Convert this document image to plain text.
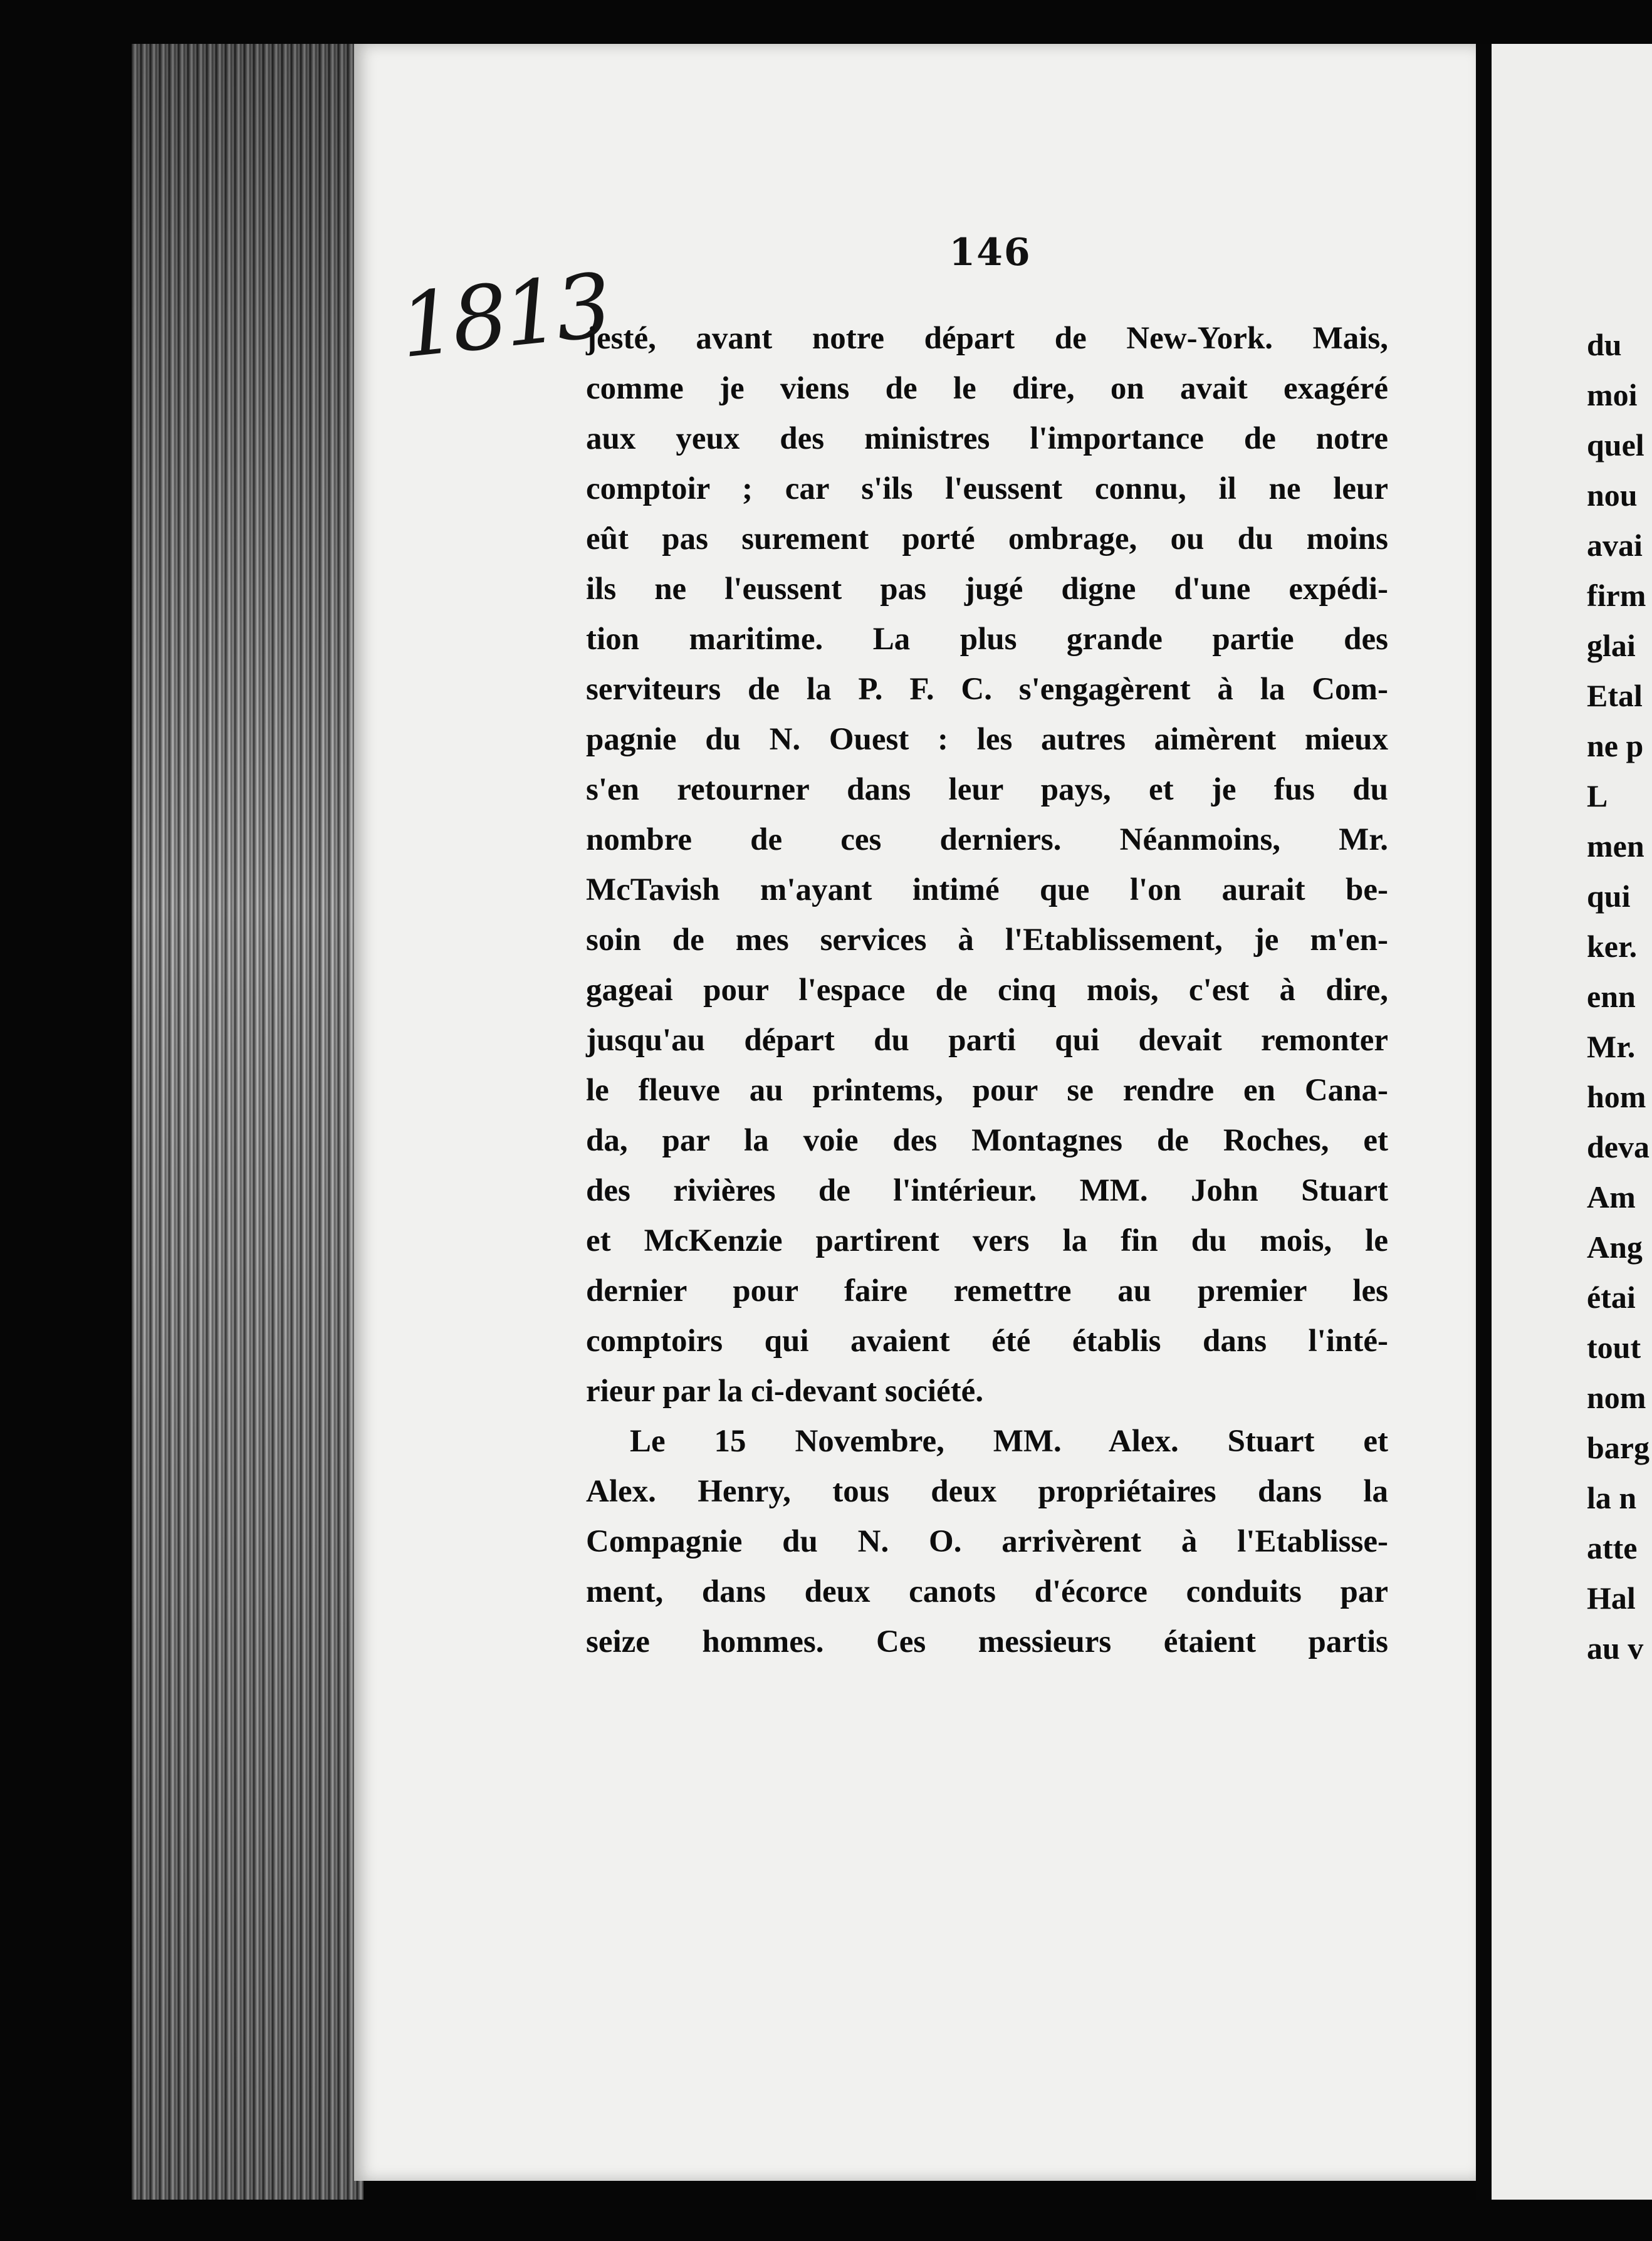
146
1813
jesté, avant notre départ de New-York. Mais,
comme je viens de le dire, on avait exagéré
aux yeux des ministres l'importance de notre
comptoir ; car s'ils l'eussent connu, il ne leur
eût pas surement porté ombrage, ou du moins
ils ne l'eussent pas jugé digne d'une expédi-
tion maritime. La plus grande partie des
serviteurs de la P. F. C. s'engagèrent à la Com-
pagnie du N. Ouest : les autres aimèrent mieux
s'en retourner dans leur pays, et je fus du
nombre de ces derniers. Néanmoins, Mr.
McTavish m'ayant intimé que l'on aurait be-
soin de mes services à l'Etablissement, je m'en-
gageai pour l'espace de cinq mois, c'est à dire,
jusqu'au départ du parti qui devait remonter
le fleuve au printems, pour se rendre en Cana-
da, par la voie des Montagnes de Roches, et
des rivières de l'intérieur. MM. John Stuart
et McKenzie partirent vers la fin du mois, le
dernier pour faire remettre au premier les
comptoirs qui avaient été établis dans l'inté-
rieur par la ci-devant société.
Le 15 Novembre, MM. Alex. Stuart et
Alex. Henry, tous deux propriétaires dans la
Compagnie du N. O. arrivèrent à l'Etablisse-
ment, dans deux canots d'écorce conduits par
seize hommes. Ces messieurs étaient partis
du
moi
quel
nou
avai
firm
glai
Etal
ne p
L
men
qui
ker.
enn
Mr.
hom
deva
Am
Ang
étai
tout
nom
barg
la n
atte
Hal
au v
